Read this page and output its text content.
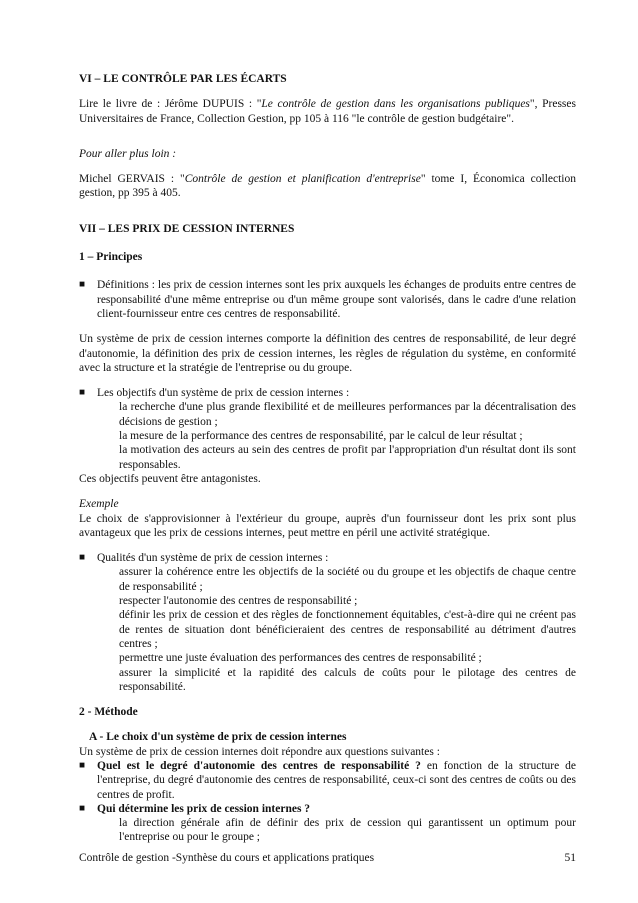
VI – LE CONTRÔLE PAR LES ÉCARTS

Lire le livre de : Jérôme DUPUIS : "Le contrôle de gestion dans les organisations publiques", Presses Universitaires de France, Collection Gestion, pp 105 à 116 "le contrôle de gestion budgétaire".

Pour aller plus loin :

Michel GERVAIS : "Contrôle de gestion et planification d'entreprise" tome I, Économica collection gestion, pp 395 à 405.

VII – LES PRIX DE CESSION INTERNES

1 – Principes

■ Définitions : les prix de cession internes sont les prix auxquels les échanges de produits entre centres de responsabilité d'une même entreprise ou d'un même groupe sont valorisés, dans le cadre d'une relation client-fournisseur entre ces centres de responsabilité.

Un système de prix de cession internes comporte la définition des centres de responsabilité, de leur degré d'autonomie, la définition des prix de cession internes, les règles de régulation du système, en conformité avec la structure et la stratégie de l'entreprise ou du groupe.

■ Les objectifs d'un système de prix de cession internes :

la recherche d'une plus grande flexibilité et de meilleures performances par la décentralisation des décisions de gestion ;

la mesure de la performance des centres de responsabilité, par le calcul de leur résultat ;

la motivation des acteurs au sein des centres de profit par l'appropriation d'un résultat dont ils sont responsables.

Ces objectifs peuvent être antagonistes.

Exemple

Le choix de s'approvisionner à l'extérieur du groupe, auprès d'un fournisseur dont les prix sont plus avantageux que les prix de cessions internes, peut mettre en péril une activité stratégique.

■ Qualités d'un système de prix de cession internes :

assurer la cohérence entre les objectifs de la société ou du groupe et les objectifs de chaque centre de responsabilité ;

respecter l'autonomie des centres de responsabilité ;

définir les prix de cession et des règles de fonctionnement équitables, c'est-à-dire qui ne créent pas de rentes de situation dont bénéficieraient des centres de responsabilité au détriment d'autres centres ;

permettre une juste évaluation des performances des centres de responsabilité ;

assurer la simplicité et la rapidité des calculs de coûts pour le pilotage des centres de responsabilité.

2 - Méthode

A - Le choix d'un système de prix de cession internes

Un système de prix de cession internes doit répondre aux questions suivantes :

■ Quel est le degré d'autonomie des centres de responsabilité ? en fonction de la structure de l'entreprise, du degré d'autonomie des centres de responsabilité, ceux-ci sont des centres de coûts ou des centres de profit.
■ Qui détermine les prix de cession internes ?

la direction générale afin de définir des prix de cession qui garantissent un optimum pour l'entreprise ou pour le groupe ;

Contrôle de gestion -Synthèse du cours et applications pratiques	51
